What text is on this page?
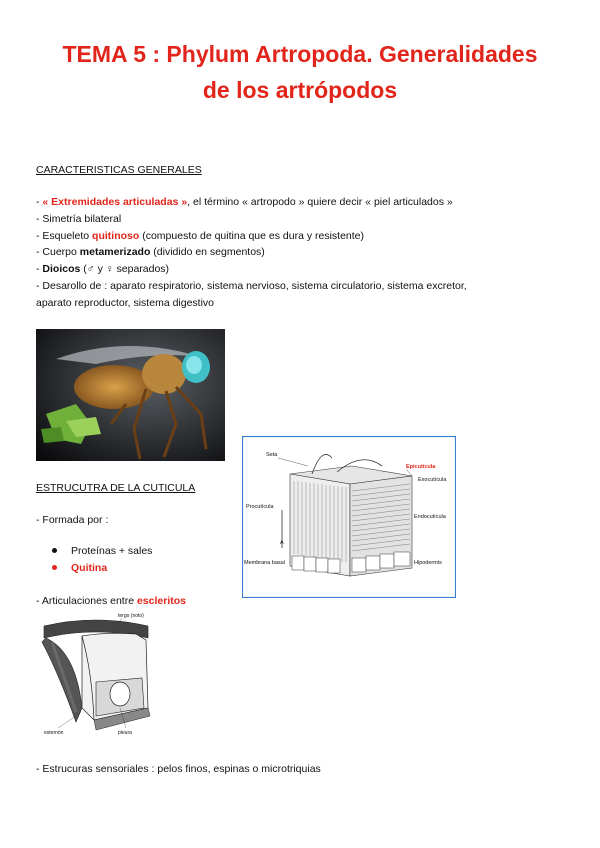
TEMA 5 : Phylum Artropoda. Generalidades
de los artrópodos
CARACTERISTICAS GENERALES
- « Extremidades articuladas », el término « artropodo » quiere decir « piel articulados »
- Simetría bilateral
- Esqueleto quitinoso (compuesto de quitina que es dura y resistente)
- Cuerpo metamerizado (dividido en segmentos)
- Dioicos (♂ y ♀ separados)
- Desarollo de : aparato respiratorio, sistema nervioso, sistema circulatorio, sistema excretor,
aparato reproductor, sistema digestivo
Seta
Epicutícula
Exocutícula
Procutícula
Endocutícula
A
Membrana basal	Hipodermis
ESTRUCUTRA DE LA CUTICULA
- Formada por :
Proteínas + sales
Quitina
- Articulaciones entre escleritos
tergo (noto)
esternón	pleura
- Estrucuras sensoriales : pelos finos, espinas o microtriquias
